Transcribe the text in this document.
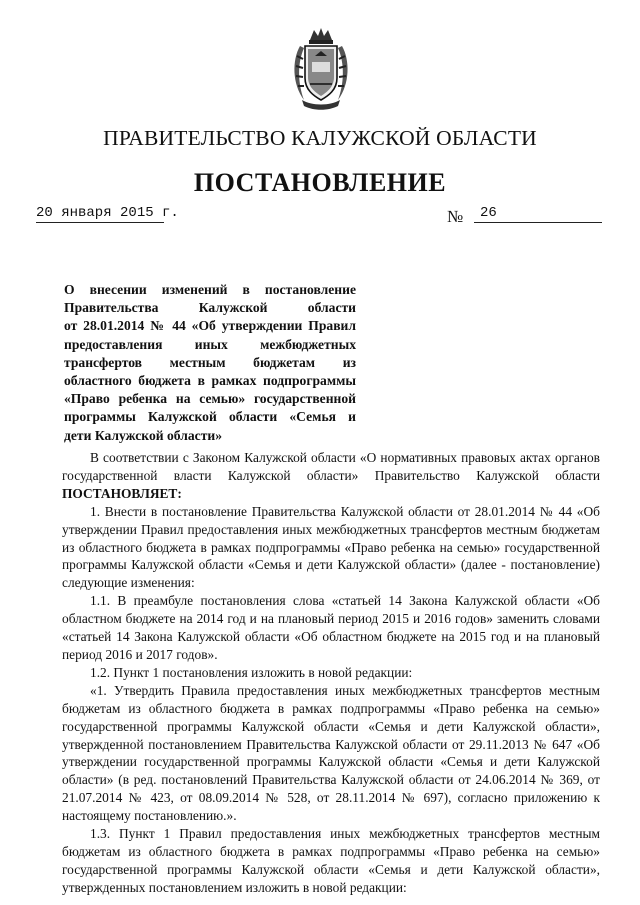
ПРАВИТЕЛЬСТВО КАЛУЖСКОЙ ОБЛАСТИ
ПОСТАНОВЛЕНИЕ
20 января 2015 г.	№	26
О внесении изменений в постановление
Правительства Калужской области
от 28.01.2014 № 44 «Об утверждении Правил
предоставления иных межбюджетных
трансфертов местным бюджетам из
областного бюджета в рамках подпрограммы
«Право ребенка на семью» государственной
программы Калужской области «Семья и
дети Калужской области»

В соответствии с Законом Калужской области «О нормативных правовых актах органов государственной власти Калужской области» Правительство Калужской области ПОСТАНОВЛЯЕТ:

1. Внести в постановление Правительства Калужской области от 28.01.2014 № 44 «Об утверждении Правил предоставления иных межбюджетных трансфертов местным бюджетам из областного бюджета в рамках подпрограммы «Право ребенка на семью» государственной программы Калужской области «Семья и дети Калужской области» (далее - постановление) следующие изменения:

1.1. В преамбуле постановления слова «статьей 14 Закона Калужской области «Об областном бюджете на 2014 год и на плановый период 2015 и 2016 годов» заменить словами «статьей 14 Закона Калужской области «Об областном бюджете на 2015 год и на плановый период 2016 и 2017 годов».

1.2. Пункт 1 постановления изложить в новой редакции:

«1. Утвердить Правила предоставления иных межбюджетных трансфертов местным бюджетам из областного бюджета в рамках подпрограммы «Право ребенка на семью» государственной программы Калужской области «Семья и дети Калужской области», утвержденной постановлением Правительства Калужской области от 29.11.2013 № 647 «Об утверждении государственной программы Калужской области «Семья и дети Калужской области» (в ред. постановлений Правительства Калужской области от 24.06.2014 № 369, от 21.07.2014 № 423, от 08.09.2014 № 528, от 28.11.2014 № 697), согласно приложению к настоящему постановлению.».

1.3. Пункт 1 Правил предоставления иных межбюджетных трансфертов местным бюджетам из областного бюджета в рамках подпрограммы «Право ребенка на семью» государственной программы Калужской области «Семья и дети Калужской области», утвержденных постановлением изложить в новой редакции:
